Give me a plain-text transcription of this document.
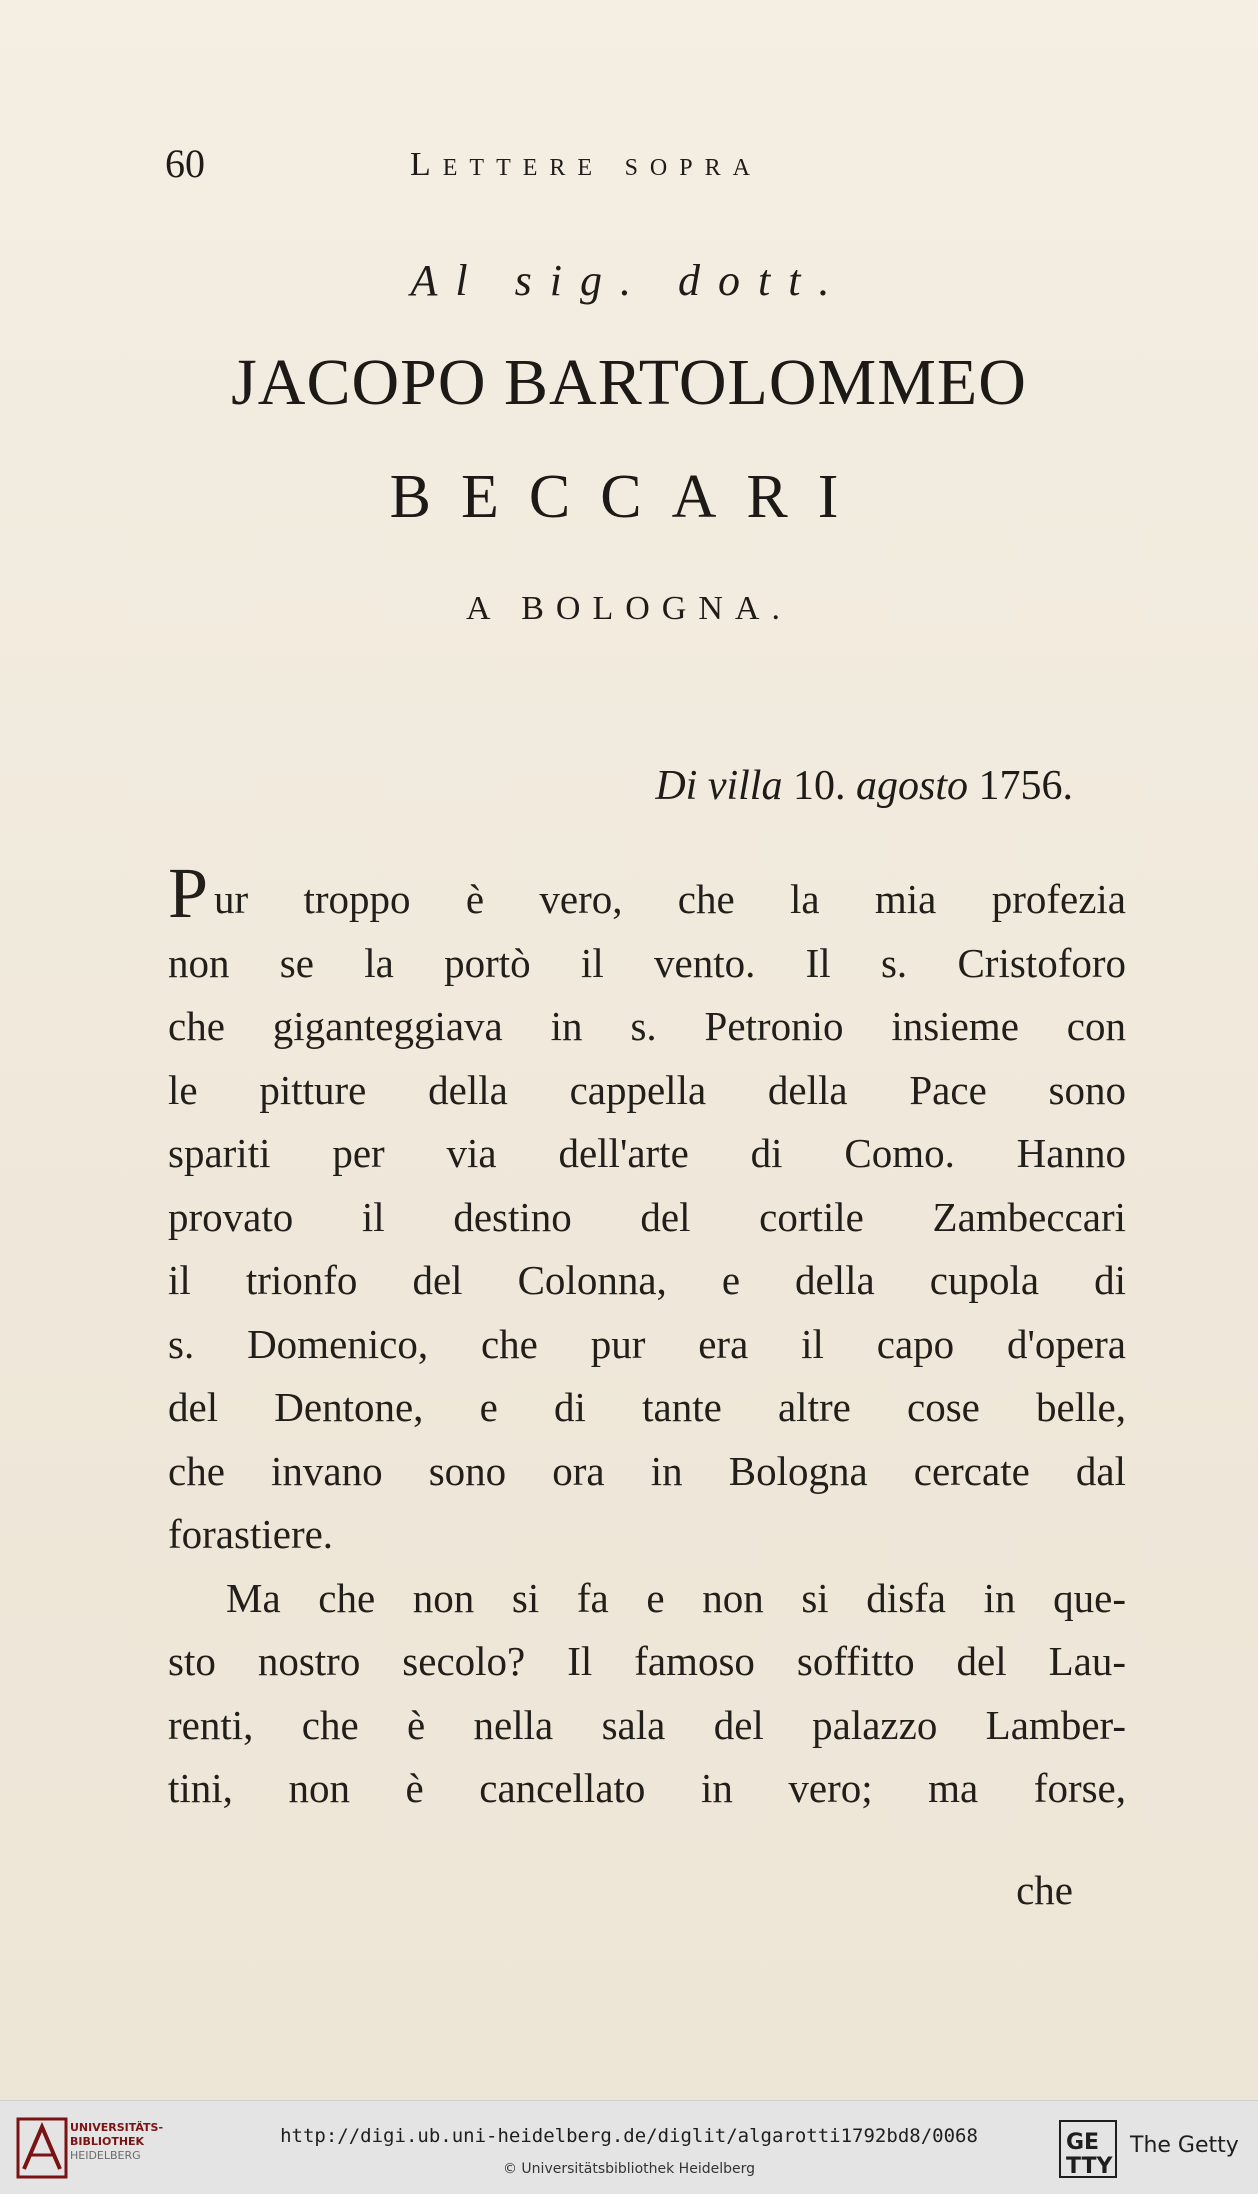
60	Lettere sopra
Al sig. dott.
JACOPO BARTOLOMMEO
BECCARI
A BOLOGNA.
Di villa 10. agosto 1756.
Pur troppo è vero, che la mia profezia
non se la portò il vento. Il s. Cristoforo
che giganteggiava in s. Petronio insieme con
le pitture della cappella della Pace sono
spariti per via dell'arte di Como. Hanno
provato il destino del cortile Zambeccari
il trionfo del Colonna, e della cupola di
s. Domenico, che pur era il capo d'opera
del Dentone, e di tante altre cose belle,
che invano sono ora in Bologna cercate dal
forastiere.
Ma che non si fa e non si disfa in que-
sto nostro secolo? Il famoso soffitto del Lau-
renti, che è nella sala del palazzo Lamber-
tini, non è cancellato in vero; ma forse,
che
UNIVERSITÄTS-
BIBLIOTHEK
HEIDELBERG
http://digi.ub.uni-heidelberg.de/diglit/algarotti1792bd8/0068
© Universitätsbibliothek Heidelberg
GE
TTY
The Getty
